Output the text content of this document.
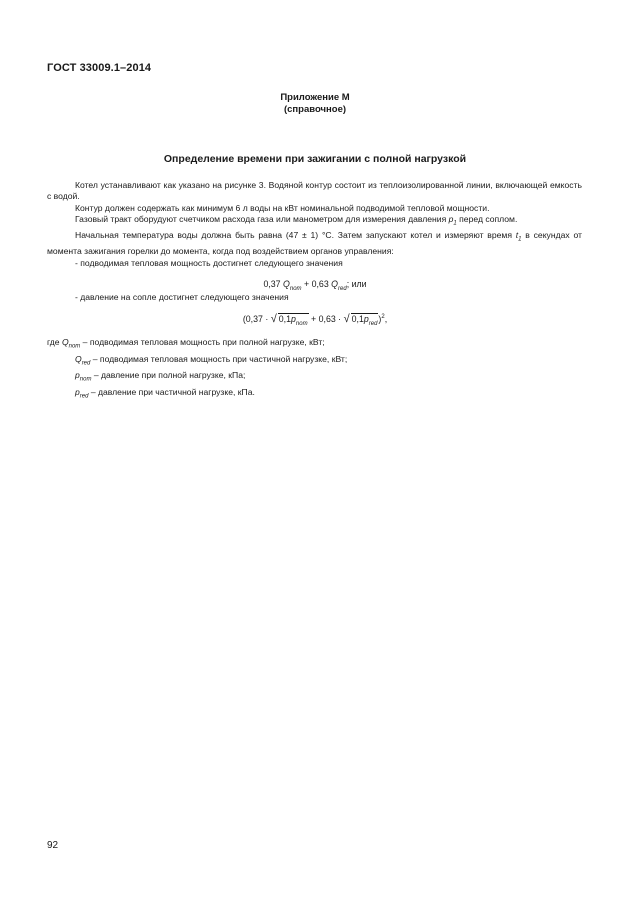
ГОСТ 33009.1–2014
Приложение М
(справочное)
Определение времени при зажигании с полной нагрузкой

Котел устанавливают как указано на рисунке 3. Водяной контур состоит из теплоизолированной линии, включающей емкость с водой.

Контур должен содержать как минимум 6 л воды на кВт номинальной подводимой тепловой мощности.

Газовый тракт оборудуют счетчиком расхода газа или манометром для измерения давления $p_1$ перед соплом.

Начальная температура воды должна быть равна (47 ± 1) °С. Затем запускают котел и измеряют время $t_1$ в секундах от момента зажигания горелки до момента, когда под воздействием органов управления:

- подводимая тепловая мощность достигнет следующего значения

- давление на сопле достигнет следующего значения

0,37 $Q_{nom} + 0,63$ $Q_{red}$; или
(0,37 · √ $0,1p_{nom} + 0,63$ · √ $0,1p_{red})^2$,

где $Q_{nom}$ – подводимая тепловая мощность при полной нагрузке, кВт;

$Q_{red}$ – подводимая тепловая мощность при частичной нагрузке, кВт;

$p_{nom}$ – давление при полной нагрузке, кПа;

$p_{red}$ – давление при частичной нагрузке, кПа.

92
